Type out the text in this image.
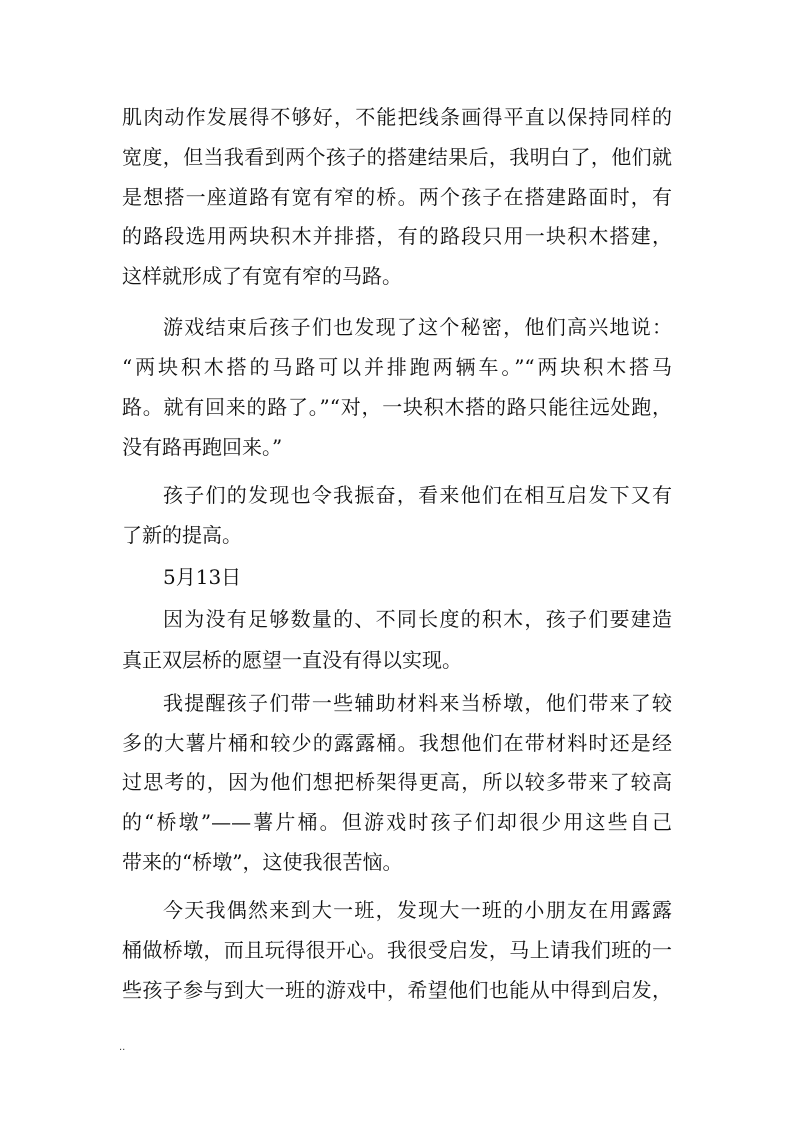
肌肉动作发展得不够好，不能把线条画得平直以保持同样的
宽度，但当我看到两个孩子的搭建结果后，我明白了，他们就
是想搭一座道路有宽有窄的桥。两个孩子在搭建路面时，有
的路段选用两块积木并排搭，有的路段只用一块积木搭建，
这样就形成了有宽有窄的马路。
游戏结束后孩子们也发现了这个秘密，他们高兴地说：
“两块积木搭的马路可以并排跑两辆车。”“两块积木搭马
路。就有回来的路了。”“对，一块积木搭的路只能往远处跑，
没有路再跑回来。”
孩子们的发现也令我振奋，看来他们在相互启发下又有
了新的提高。
5月13日
因为没有足够数量的、不同长度的积木，孩子们要建造
真正双层桥的愿望一直没有得以实现。
我提醒孩子们带一些辅助材料来当桥墩，他们带来了较
多的大薯片桶和较少的露露桶。我想他们在带材料时还是经
过思考的，因为他们想把桥架得更高，所以较多带来了较高
的“桥墩”——薯片桶。但游戏时孩子们却很少用这些自己
带来的“桥墩”，这使我很苦恼。
今天我偶然来到大一班，发现大一班的小朋友在用露露
桶做桥墩，而且玩得很开心。我很受启发，马上请我们班的一
些孩子参与到大一班的游戏中，希望他们也能从中得到启发，
..
